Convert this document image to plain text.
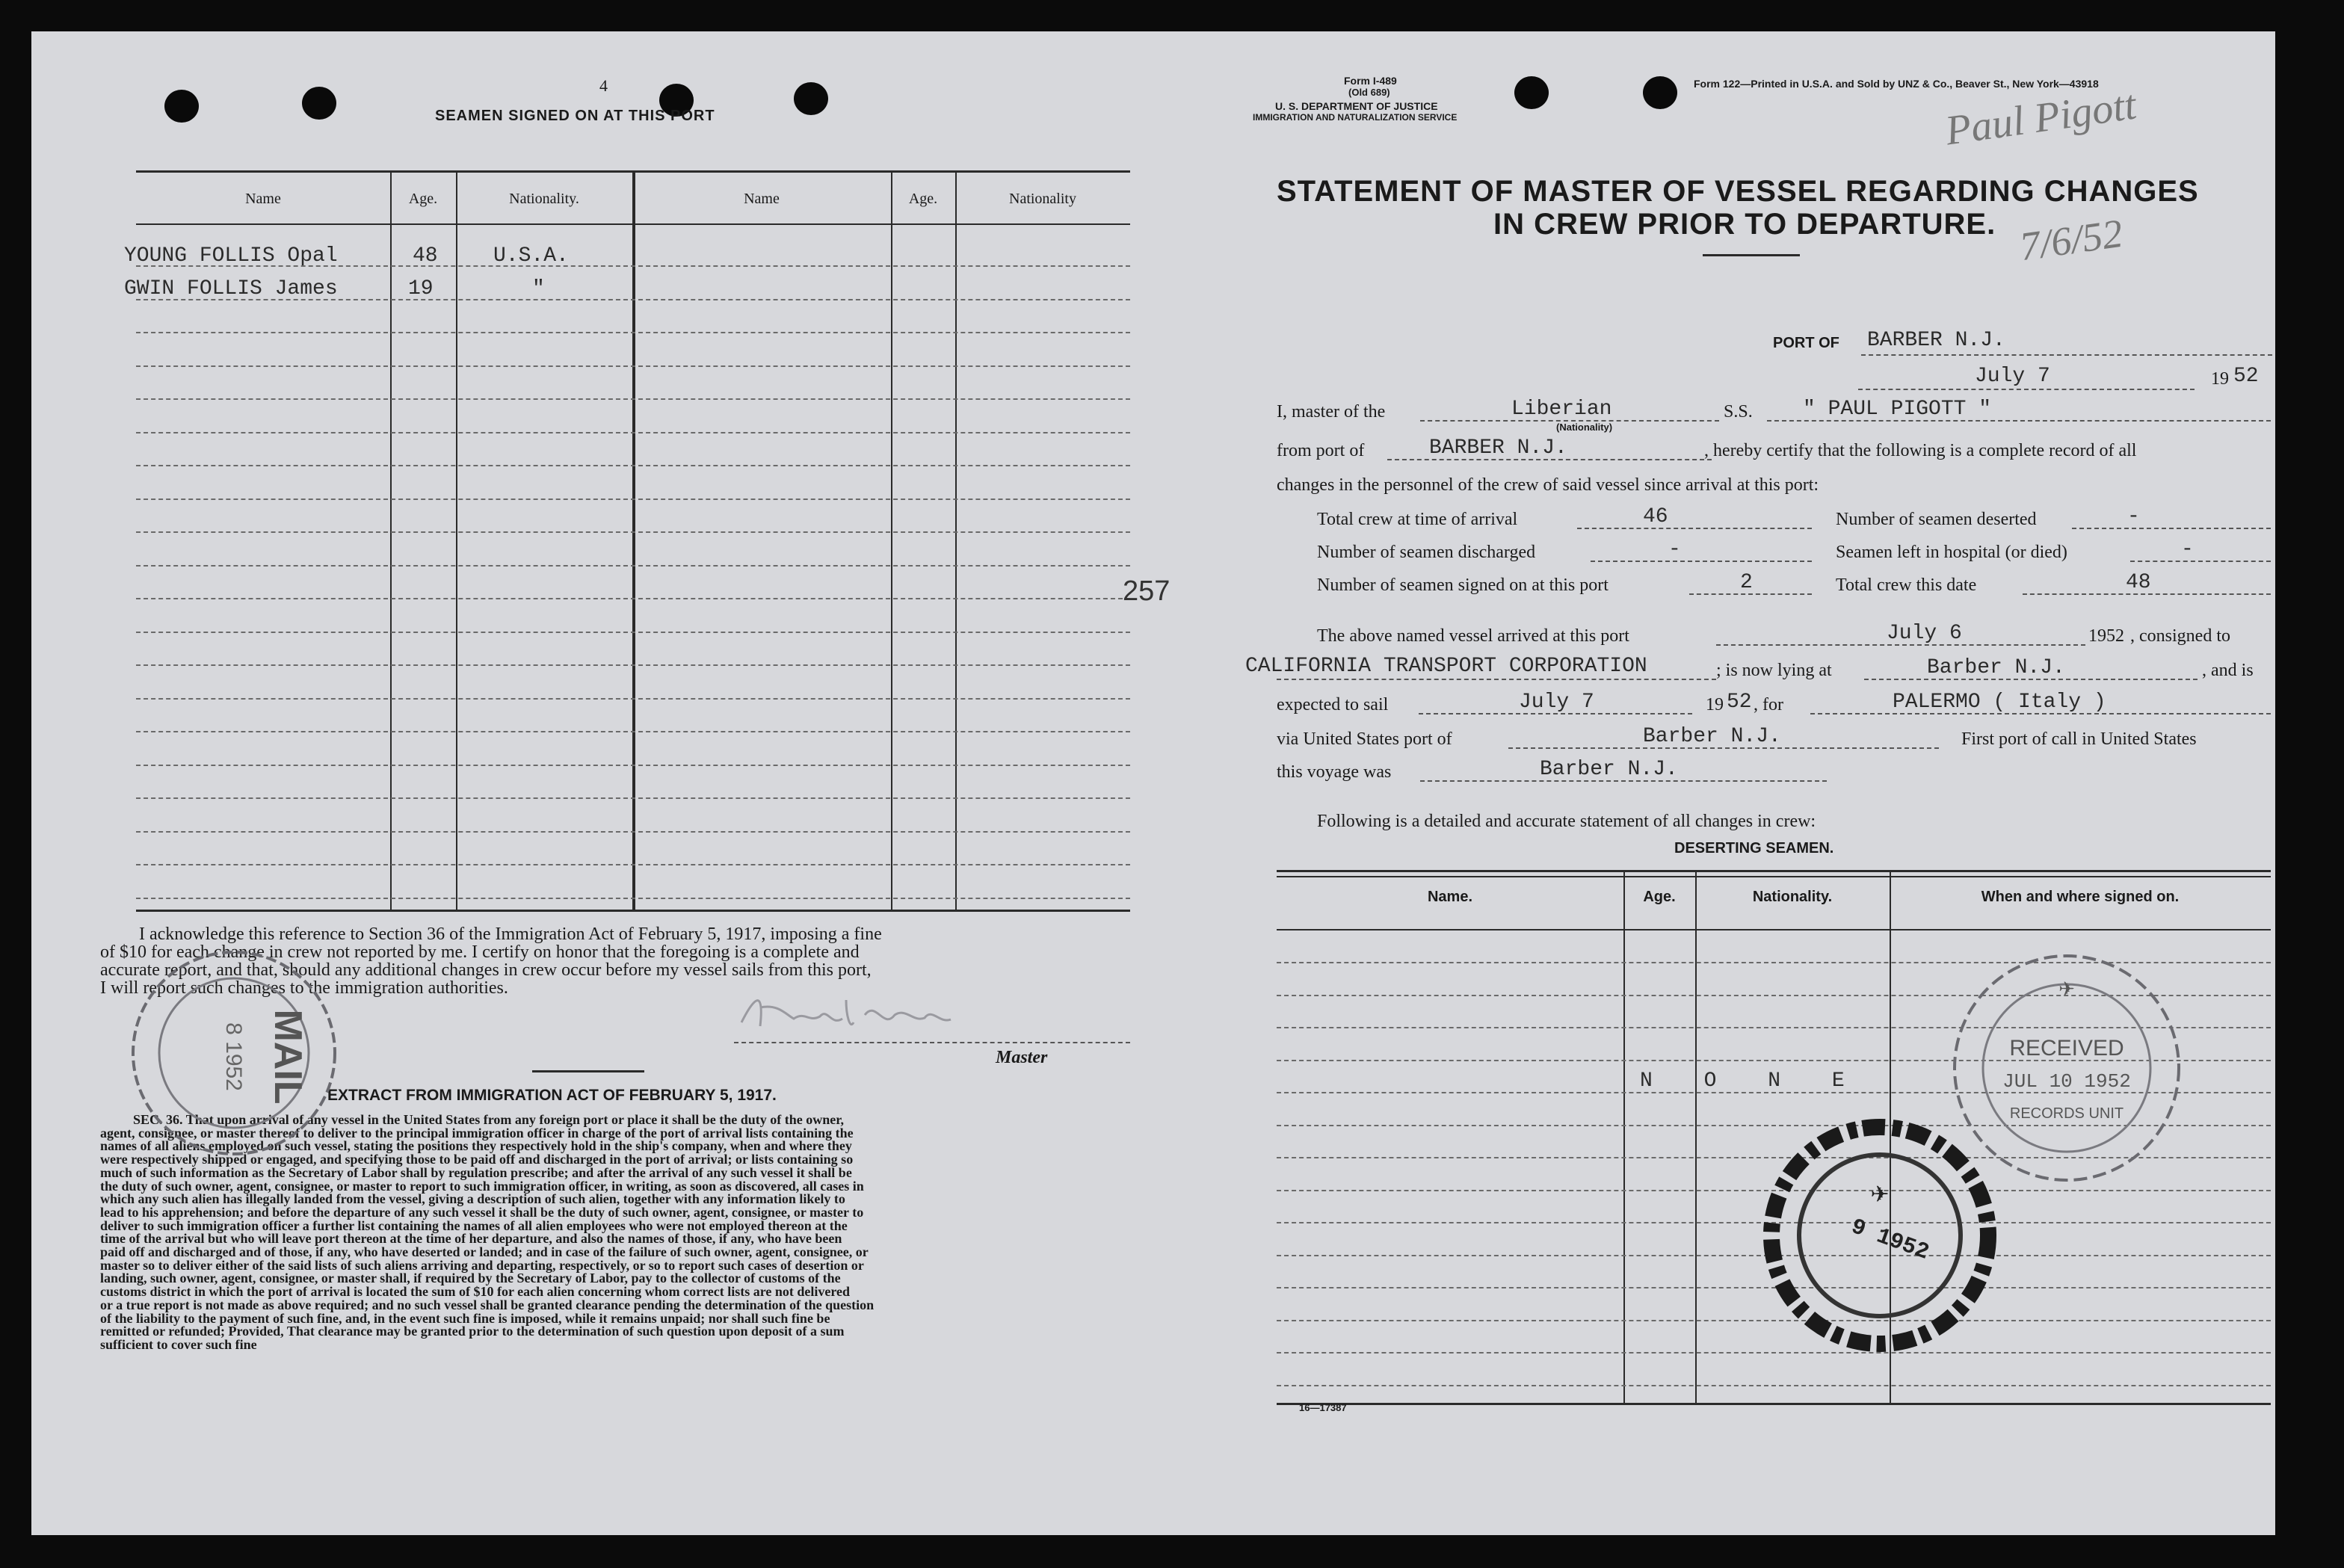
4
SEAMEN SIGNED ON AT THIS PORT
Name	Age.	Nationality.	Name	Age.	Nationality
YOUNG FOLLIS Opal	48	U.S.A.
GWIN FOLLIS James	19	"
I acknowledge this reference to Section 36 of the Immigration Act of February 5, 1917, imposing a fine
of $10 for each change in crew not reported by me. I certify on honor that the foregoing is a complete and
accurate report, and that, should any additional changes in crew occur before my vessel sails from this port,
I will report such changes to the immigration authorities.
Master
EXTRACT FROM IMMIGRATION ACT OF FEBRUARY 5, 1917.
SEC. 36. That upon arrival of any vessel in the United States from any foreign port or place it shall be the duty of the owner,
agent, consignee, or master thereof to deliver to the principal immigration officer in charge of the port of arrival lists containing the
names of all aliens employed on such vessel, stating the positions they respectively hold in the ship's company, when and where they
were respectively shipped or engaged, and specifying those to be paid off and discharged in the port of arrival; or lists containing so
much of such information as the Secretary of Labor shall by regulation prescribe; and after the arrival of any such vessel it shall be
the duty of such owner, agent, consignee, or master to report to such immigration officer, in writing, as soon as discovered, all cases in
which any such alien has illegally landed from the vessel, giving a description of such alien, together with any information likely to
lead to his apprehension; and before the departure of any such vessel it shall be the duty of such owner, agent, consignee, or master to
deliver to such immigration officer a further list containing the names of all alien employees who were not employed thereon at the
time of the arrival but who will leave port thereon at the time of her departure, and also the names of those, if any, who have been
paid off and discharged and of those, if any, who have deserted or landed; and in case of the failure of such owner, agent, consignee, or
master so to deliver either of the said lists of such aliens arriving and departing, respectively, or so to report such cases of desertion or
landing, such owner, agent, consignee, or master shall, if required by the Secretary of Labor, pay to the collector of customs of the
customs district in which the port of arrival is located the sum of $10 for each alien concerning whom correct lists are not delivered
or a true report is not made as above required; and no such vessel shall be granted clearance pending the determination of the question
of the liability to the payment of such fine, and, in the event such fine is imposed, while it remains unpaid; nor shall such fine be
remitted or refunded; Provided, That clearance may be granted prior to the determination of such question upon deposit of a sum
sufficient to cover such fine
MAIL
8 1952
257
Form I-489
(Old 689)
U. S. DEPARTMENT OF JUSTICE
IMMIGRATION AND NATURALIZATION SERVICE
Form 122—Printed in U.S.A. and Sold by UNZ & Co., Beaver St., New York—43918
Paul Pigott
7/6/52
STATEMENT OF MASTER OF VESSEL REGARDING CHANGES
IN CREW PRIOR TO DEPARTURE.
PORT OF BARBER N.J.
July 7	19 52
I, master of the	Liberian
(Nationality)
S.S. " PAUL PIGOTT "
from port of	BARBER N.J.	, hereby certify that the following is a complete record of all
changes in the personnel of the crew of said vessel since arrival at this port:
Total crew at time of arrival	46	Number of seamen deserted	-
Number of seamen discharged	-	Seamen left in hospital (or died)	-
Number of seamen signed on at this port	2	Total crew this date	48
The above named vessel arrived at this port	July 6	1952 , consigned to
CALIFORNIA TRANSPORT CORPORATION	; is now lying at	Barber N.J.	, and is
expected to sail	July 7	19 52 , for	PALERMO ( Italy )
via United States port of	Barber N.J.	First port of call in United States
this voyage was	Barber N.J.
Following is a detailed and accurate statement of all changes in crew:
DESERTING SEAMEN.
Name.	Age.	Nationality.	When and where signed on.
N O N E
16—17387
✈
RECEIVED
JUL 10 1952
RECORDS UNIT
✈
9 1952
